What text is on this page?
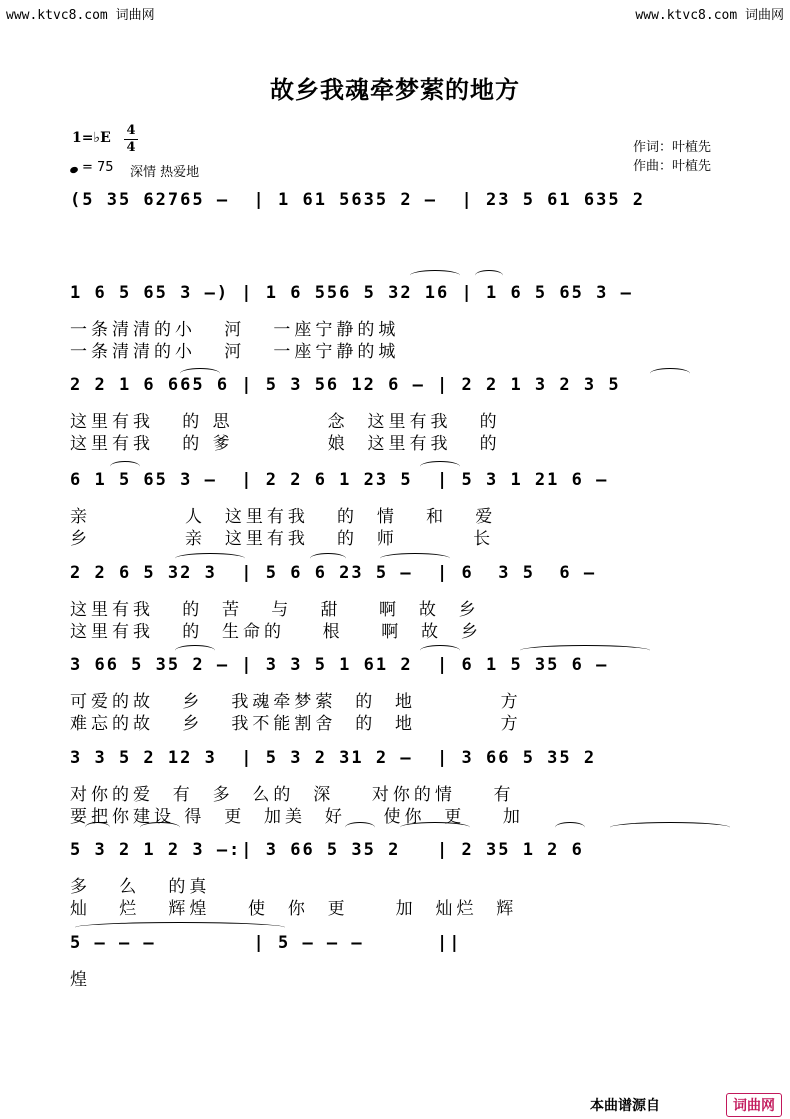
www.ktvc8.com 词曲网	www.ktvc8.com 词曲网
故乡我魂牵梦萦的地方
1=♭E 4
4
= 75 深情 热爱地
作词：叶植先
作曲：叶植先
(5 35 62765 –  | 1 61 5635 2 –  | 23 5 61 635 2
1 6 5 65 3 –) | 1 6 556 5 32 16 | 1 6 5 65 3 –
一条清清的小   河   一座宁静的城
一条清清的小   河   一座宁静的城
2 2 1 6 665 6 | 5 3 56 12 6 – | 2 2 1 3 2 3 5
这里有我   的 思          念  这里有我   的
这里有我   的 爹          娘  这里有我   的
6 1 5 65 3 –  | 2 2 6 1 23 5  | 5 3 1 21 6 –
亲          人  这里有我   的  情   和   爱
乡          亲  这里有我   的  师        长
2 2 6 5 32 3  | 5 6 6 23 5 –  | 6  3 5  6 –
这里有我   的  苦   与   甜    啊  故  乡
这里有我   的  生命的    根    啊  故  乡
3 66 5 35 2 – | 3 3 5 1 61 2  | 6 1 5 35 6 –
可爱的故   乡   我魂牵梦萦  的  地         方
难忘的故   乡   我不能割舍  的  地         方
3 3 5 2 12 3  | 5 3 2 31 2 –  | 3 66 5 35 2
对你的爱  有  多  么的  深    对你的情    有
要把你建设 得  更  加美  好    使你  更    加
5 3 2 1 2 3 –:| 3 66 5 35 2   | 2 35 1 2 6
多   么   的真
灿   烂   辉煌    使  你  更     加  灿烂  辉
5 – – –        | 5 – – –      ||
煌
本曲谱源自	词曲网
